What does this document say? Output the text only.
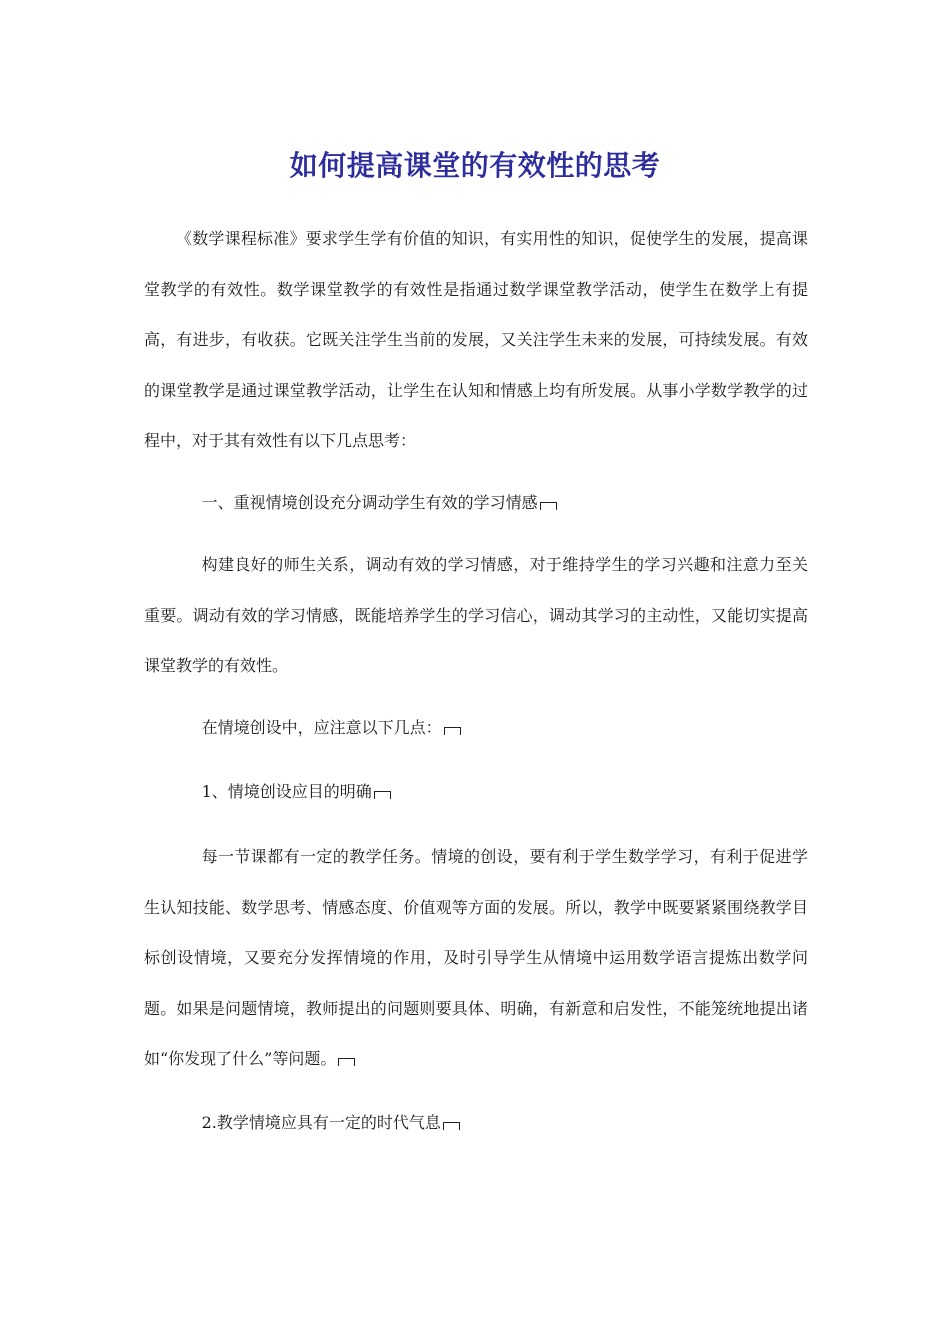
如何提高课堂的有效性的思考

《数学课程标准》要求学生学有价值的知识，有实用性的知识，促使学生的发展，提高课堂教学的有效性。数学课堂教学的有效性是指通过数学课堂教学活动，使学生在数学上有提高，有进步，有收获。它既关注学生当前的发展，又关注学生未来的发展，可持续发展。有效的课堂教学是通过课堂教学活动，让学生在认知和情感上均有所发展。从事小学数学教学的过程中，对于其有效性有以下几点思考：

一、重视情境创设充分调动学生有效的学习情感

构建良好的师生关系，调动有效的学习情感，对于维持学生的学习兴趣和注意力至关重要。调动有效的学习情感，既能培养学生的学习信心，调动其学习的主动性，又能切实提高课堂教学的有效性。

在情境创设中，应注意以下几点：

1、情境创设应目的明确

每一节课都有一定的教学任务。情境的创设，要有利于学生数学学习，有利于促进学生认知技能、数学思考、情感态度、价值观等方面的发展。所以，教学中既要紧紧围绕教学目标创设情境，又要充分发挥情境的作用，及时引导学生从情境中运用数学语言提炼出数学问题。如果是问题情境，教师提出的问题则要具体、明确，有新意和启发性，不能笼统地提出诸如“你发现了什么”等问题。

2.教学情境应具有一定的时代气息
